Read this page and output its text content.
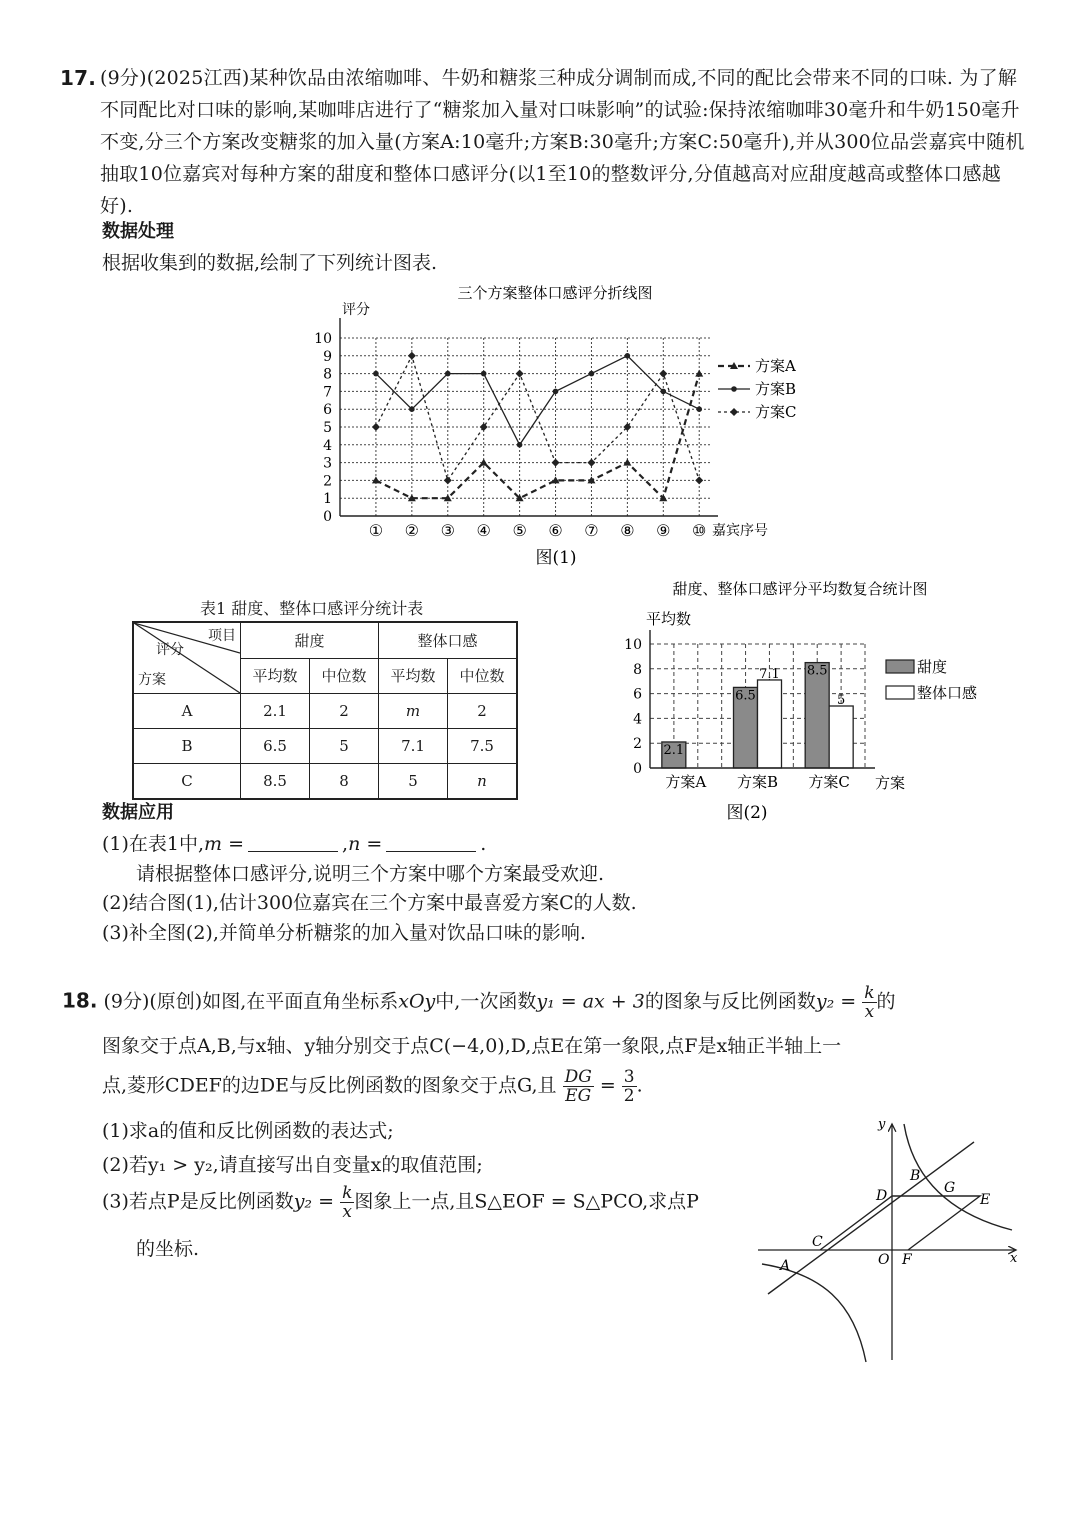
17. (9分)(2025江西)某种饮品由浓缩咖啡、牛奶和糖浆三种成分调制而成,不同的配比会带来不同的口味. 为了解不同配比对口味的影响,某咖啡店进行了“糖浆加入量对口味影响”的试验:保持浓缩咖啡30毫升和牛奶150毫升不变,分三个方案改变糖浆的加入量(方案A:10毫升;方案B:30毫升;方案C:50毫升),并从300位品尝嘉宾中随机抽取10位嘉宾对每种方案的甜度和整体口感评分(以1至10的整数评分,分值越高对应甜度越高或整体口感越好).
数据处理
根据收集到的数据,绘制了下列统计图表.
三个方案整体口感评分折线图
0
1
2
3
4
5
6
7
8
9
10
① ② ③ ④ ⑤ ⑥ ⑦ ⑧ ⑨ ⑩
评分
嘉宾序号
方案A
方案B
方案C
图(1)
表1 甜度、整体口感评分统计表
项目
评分
方案	甜度		整体口感	
	平均数	中位数	平均数	中位数
A	2.1	2	m	2
B	6.5	5	7.1	7.5
C	8.5	8	5	n
甜度、整体口感评分平均数复合统计图
2.1
6.5
7.1 8.5
5
0
2
4
6
8
10
平均数
方案
方案A 方案B 方案C
甜度
整体口感
图(2)
数据应用
(1)在表1中,m =	,n =	.
请根据整体口感评分,说明三个方案中哪个方案最受欢迎.
(2)结合图(1),估计300位嘉宾在三个方案中最喜爱方案C的人数.
(3)补全图(2),并简单分析糖浆的加入量对饮品口味的影响.
18. (9分)(原创)如图,在平面直角坐标系xOy中,一次函数y₁ = ax + 3的图象与反比例函数$y_2 = \frac{k}{x}$ 的
图象交于点A,B,与x轴、y轴分别交于点C(−4,0),D,点E在第一象限,点F是x轴正半轴上一
点,菱形CDEF的边DE与反比例函数的图象交于点G,且 $\frac{DG}{EG} = \frac{3}{2}$ .
(1)求a的值和反比例函数的表达式;
(2)若y₁ > y₂,请直接写出自变量x的取值范围;
(3)若点P是反比例函数$y_2 = \frac{k}{x}$ 图象上一点,且S△EOF = S△PCO,求点P
的坐标.
y
x
B
D	G
E
C
O F
A
